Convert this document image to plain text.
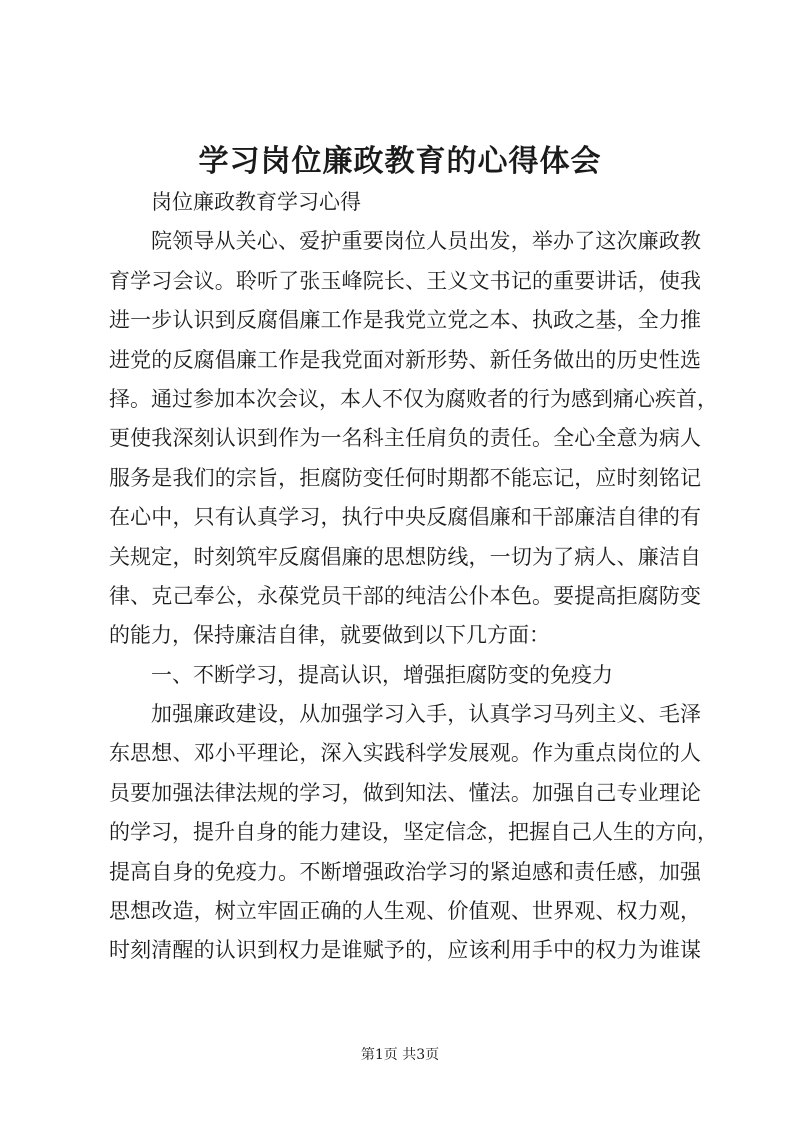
学习岗位廉政教育的心得体会
岗位廉政教育学习心得
院领导从关心、爱护重要岗位人员出发，举办了这次廉政教
育学习会议。聆听了张玉峰院长、王义文书记的重要讲话，使我
进一步认识到反腐倡廉工作是我党立党之本、执政之基，全力推
进党的反腐倡廉工作是我党面对新形势、新任务做出的历史性选
择。通过参加本次会议，本人不仅为腐败者的行为感到痛心疾首，
更使我深刻认识到作为一名科主任肩负的责任。全心全意为病人
服务是我们的宗旨，拒腐防变任何时期都不能忘记，应时刻铭记
在心中，只有认真学习，执行中央反腐倡廉和干部廉洁自律的有
关规定，时刻筑牢反腐倡廉的思想防线，一切为了病人、廉洁自
律、克己奉公，永葆党员干部的纯洁公仆本色。要提高拒腐防变
的能力，保持廉洁自律，就要做到以下几方面：
一、不断学习，提高认识，增强拒腐防变的免疫力
加强廉政建设，从加强学习入手，认真学习马列主义、毛泽
东思想、邓小平理论，深入实践科学发展观。作为重点岗位的人
员要加强法律法规的学习，做到知法、懂法。加强自己专业理论
的学习，提升自身的能力建设，坚定信念，把握自己人生的方向，
提高自身的免疫力。不断增强政治学习的紧迫感和责任感，加强
思想改造，树立牢固正确的人生观、价值观、世界观、权力观，
时刻清醒的认识到权力是谁赋予的，应该利用手中的权力为谁谋
第1页 共3页
